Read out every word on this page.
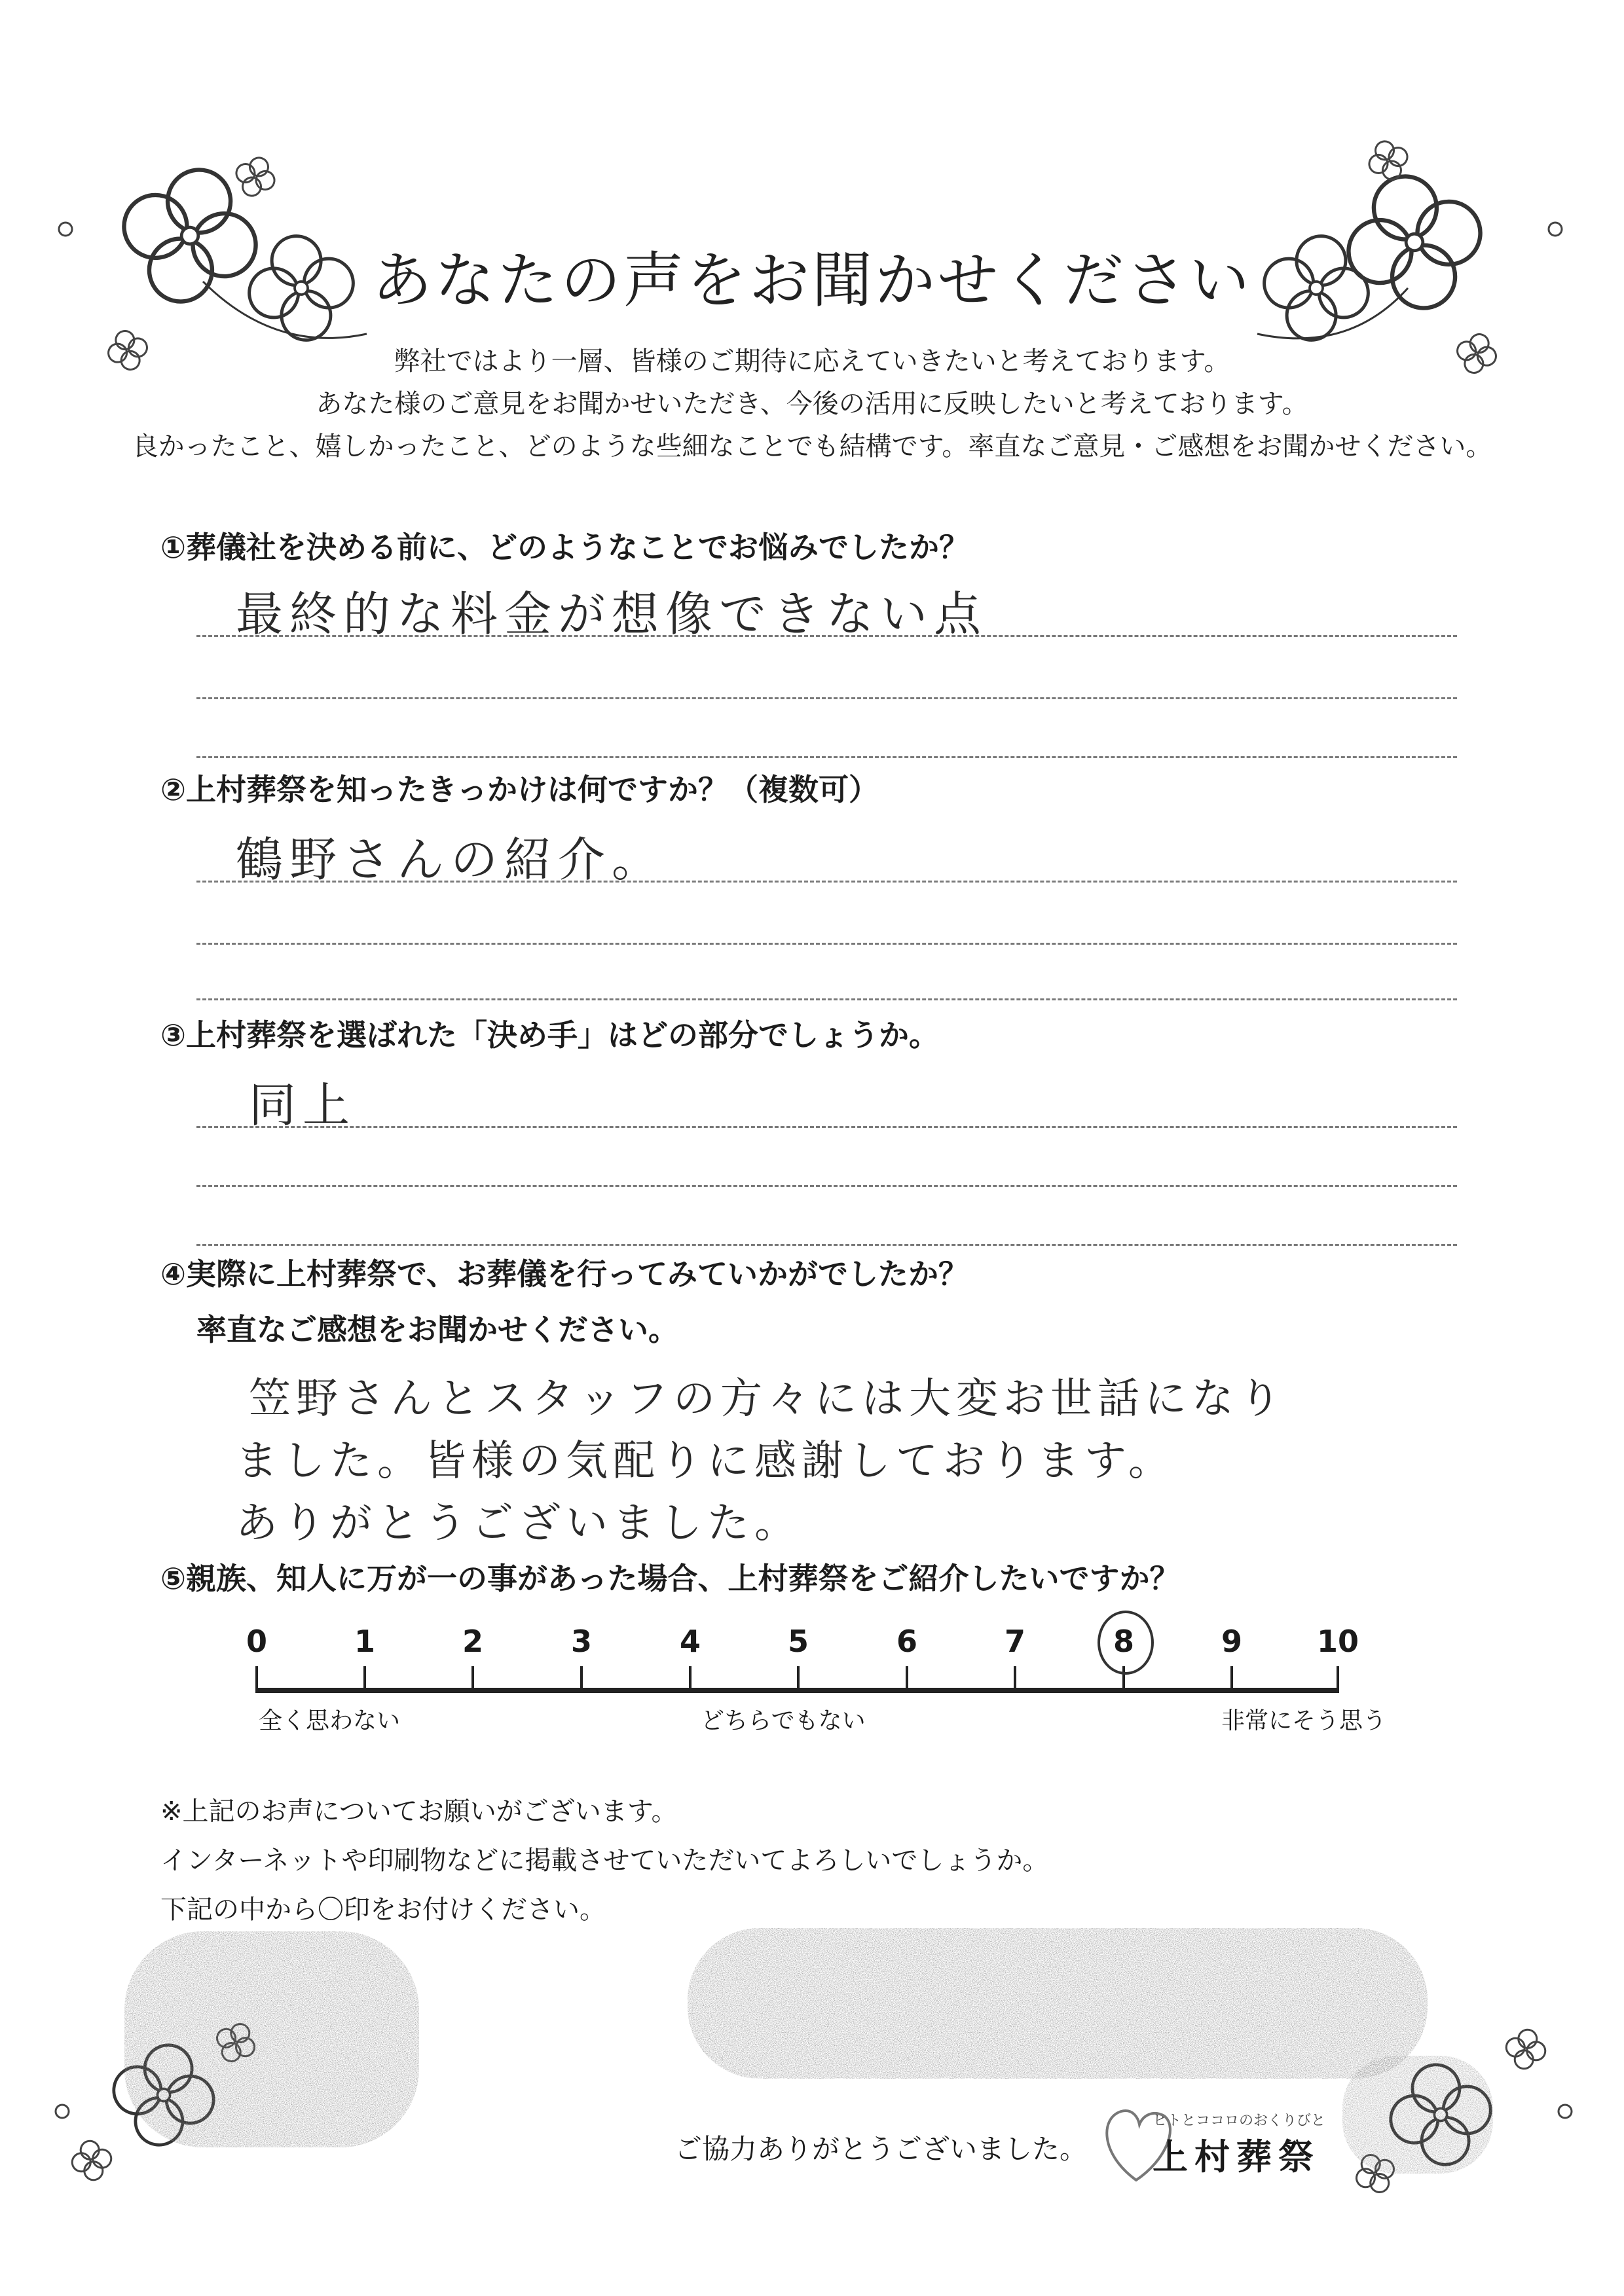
あなたの声をお聞かせください
弊社ではより一層、皆様のご期待に応えていきたいと考えております。
あなた様のご意見をお聞かせいただき、今後の活用に反映したいと考えております。
良かったこと、嬉しかったこと、どのような些細なことでも結構です。率直なご意見・ご感想をお聞かせください。
①葬儀社を決める前に、どのようなことでお悩みでしたか？
最終的な料金が想像できない点
②上村葬祭を知ったきっかけは何ですか？（複数可）
鶴野さんの紹介。
③上村葬祭を選ばれた「決め手」はどの部分でしょうか。
同上
④実際に上村葬祭で、お葬儀を行ってみていかがでしたか？
率直なご感想をお聞かせください。
笠野さんとスタッフの方々には大変お世話になり
ました。皆様の気配りに感謝しております。
ありがとうございました。
⑤親族、知人に万が一の事があった場合、上村葬祭をご紹介したいですか？
0	1	2	3	4	5	6	7	8	9	10
全く思わない	どちらでもない	非常にそう思う
※上記のお声についてお願いがございます。
インターネットや印刷物などに掲載させていただいてよろしいでしょうか。
下記の中から〇印をお付けください。
ご協力ありがとうございました。
ヒトとココロのおくりびと
上村葬祭
